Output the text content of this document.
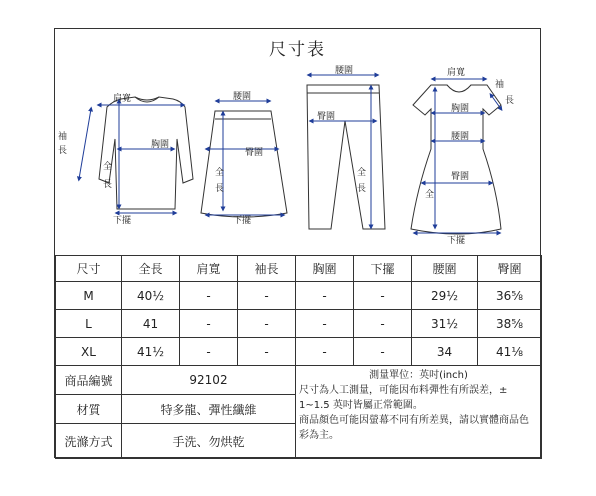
尺寸表
肩寬
袖
長
胸圍
全
長
下擺
腰圍
臀圍
全
長
下擺
腰圍
臀圍
全
長
肩寬
袖
長
胸圍
腰圍
臀圍
全
下擺
尺寸	全長	肩寬	袖長	胸圍	下擺	腰圍	臀圍
M	40½	-	-	-	-	29½	36⅝
L	41	-	-	-	-	31½	38⅝
XL	41½	-	-	-	-	34	41⅛
商品編號	92102			測量單位：英吋(inch)
尺寸為人工測量，可能因布料彈性有所誤差，±
1~1.5 英吋皆屬正常範圍。
商品顏色可能因螢幕不同有所差異，請以實體商品色
彩為主。			

材質	特多龍、彈性纖維						
洗滌方式	手洗、勿烘乾						
